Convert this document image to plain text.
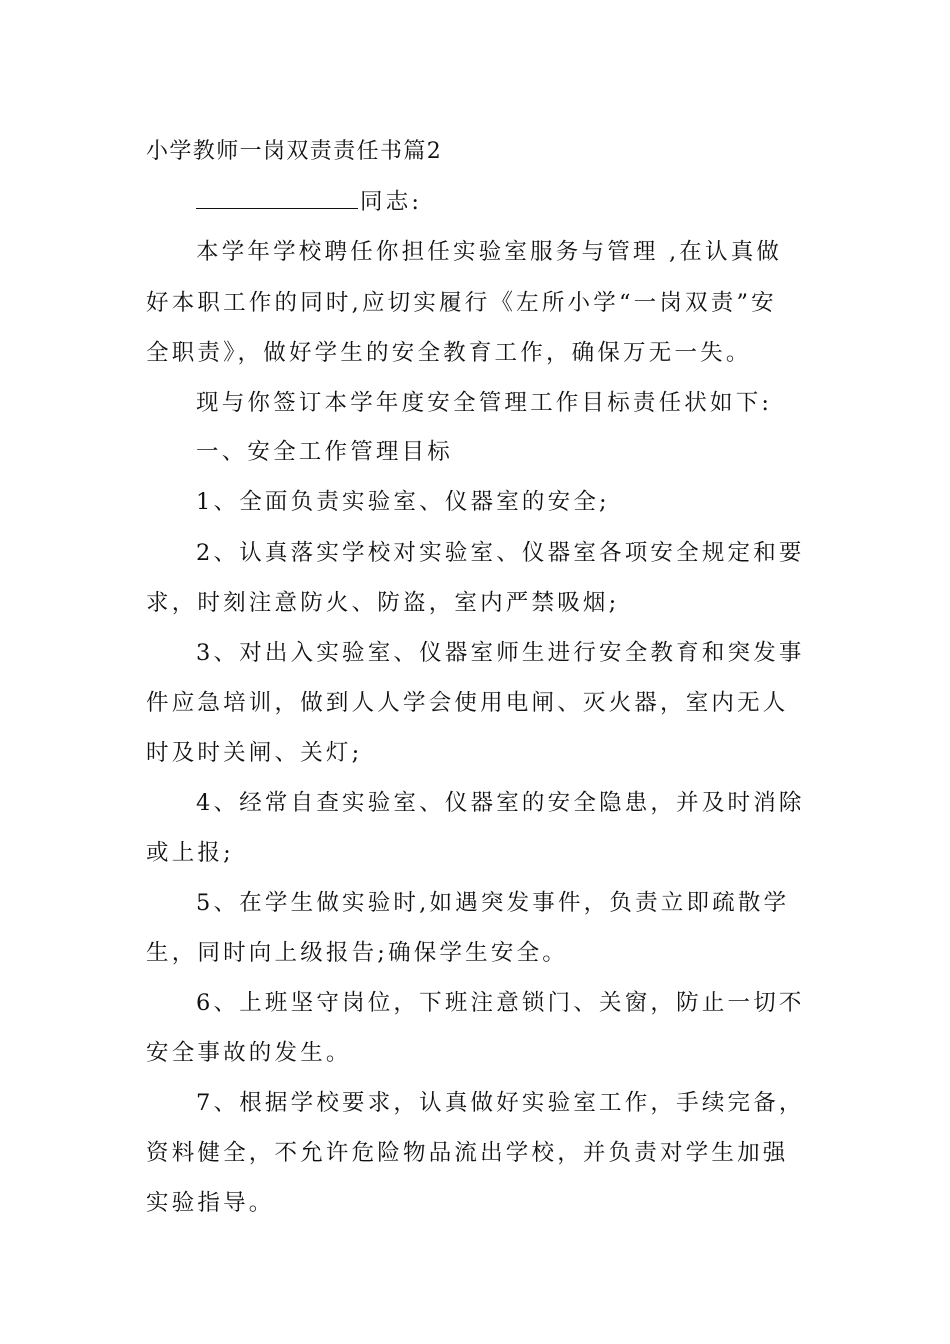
小学教师一岗双责责任书篇2

同志:

本学年学校聘任你担任实验室服务与管理 ,在认真做

好本职工作的同时,应切实履行《左所小学“一岗双责”安

全职责》，做好学生的安全教育工作，确保万无一失。

现与你签订本学年度安全管理工作目标责任状如下:

一、安全工作管理目标

1、全面负责实验室、仪器室的安全;

2、认真落实学校对实验室、仪器室各项安全规定和要

求，时刻注意防火、防盗，室内严禁吸烟;

3、对出入实验室、仪器室师生进行安全教育和突发事

件应急培训，做到人人学会使用电闸、灭火器，室内无人

时及时关闸、关灯;

4、经常自查实验室、仪器室的安全隐患，并及时消除

或上报;

5、在学生做实验时,如遇突发事件，负责立即疏散学

生，同时向上级报告;确保学生安全。

6、上班坚守岗位，下班注意锁门、关窗，防止一切不

安全事故的发生。

7、根据学校要求，认真做好实验室工作，手续完备，

资料健全，不允许危险物品流出学校，并负责对学生加强

实验指导。
